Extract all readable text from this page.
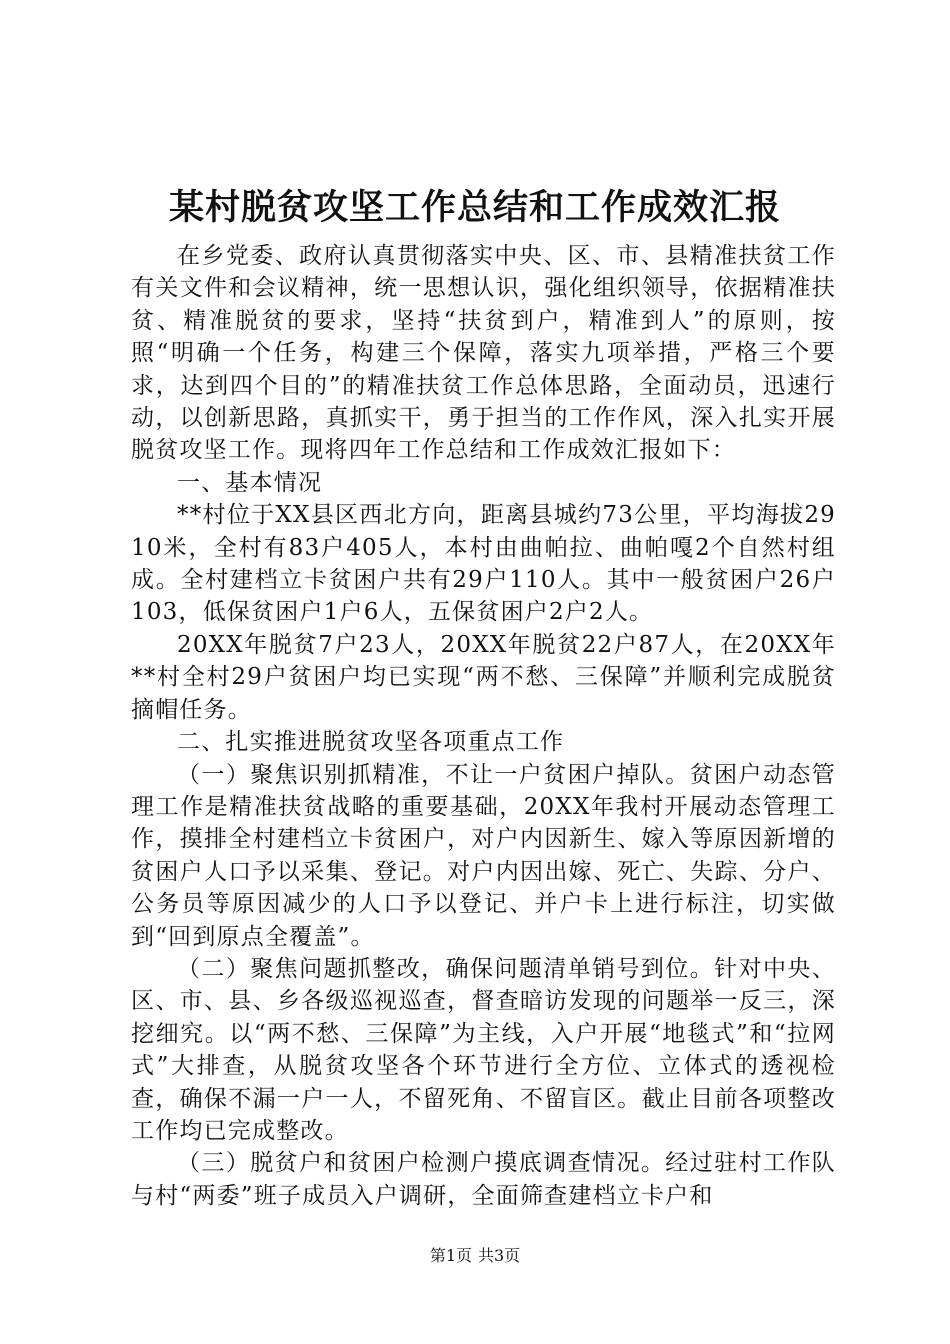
某村脱贫攻坚工作总结和工作成效汇报

在乡党委、政府认真贯彻落实中央、区、市、县精准扶贫工作有关文件和会议精神，统一思想认识，强化组织领导，依据精准扶贫、精准脱贫的要求，坚持“扶贫到户，精准到人”的原则，按照“明确一个任务，构建三个保障，落实九项举措，严格三个要求，达到四个目的”的精准扶贫工作总体思路，全面动员，迅速行动，以创新思路，真抓实干，勇于担当的工作作风，深入扎实开展脱贫攻坚工作。现将四年工作总结和工作成效汇报如下：

一、基本情况

**村位于XX县区西北方向，距离县城约73公里，平均海拔2910米，全村有83户405人，本村由曲帕拉、曲帕嘎2个自然村组成。全村建档立卡贫困户共有29户110人。其中一般贫困户26户103，低保贫困户1户6人，五保贫困户2户2人。

20XX年脱贫7户23人，20XX年脱贫22户87人，在20XX年**村全村29户贫困户均已实现“两不愁、三保障”并顺利完成脱贫摘帽任务。

二、扎实推进脱贫攻坚各项重点工作

（一）聚焦识别抓精准，不让一户贫困户掉队。贫困户动态管理工作是精准扶贫战略的重要基础，20XX年我村开展动态管理工作，摸排全村建档立卡贫困户，对户内因新生、嫁入等原因新增的贫困户人口予以采集、登记。对户内因出嫁、死亡、失踪、分户、公务员等原因减少的人口予以登记、并户卡上进行标注，切实做到“回到原点全覆盖”。

（二）聚焦问题抓整改，确保问题清单销号到位。针对中央、区、市、县、乡各级巡视巡查，督查暗访发现的问题举一反三，深挖细究。以“两不愁、三保障”为主线，入户开展“地毯式”和“拉网式”大排查，从脱贫攻坚各个环节进行全方位、立体式的透视检查，确保不漏一户一人，不留死角、不留盲区。截止目前各项整改工作均已完成整改。

（三）脱贫户和贫困户检测户摸底调查情况。经过驻村工作队与村“两委”班子成员入户调研，全面筛查建档立卡户和

第1页 共3页
